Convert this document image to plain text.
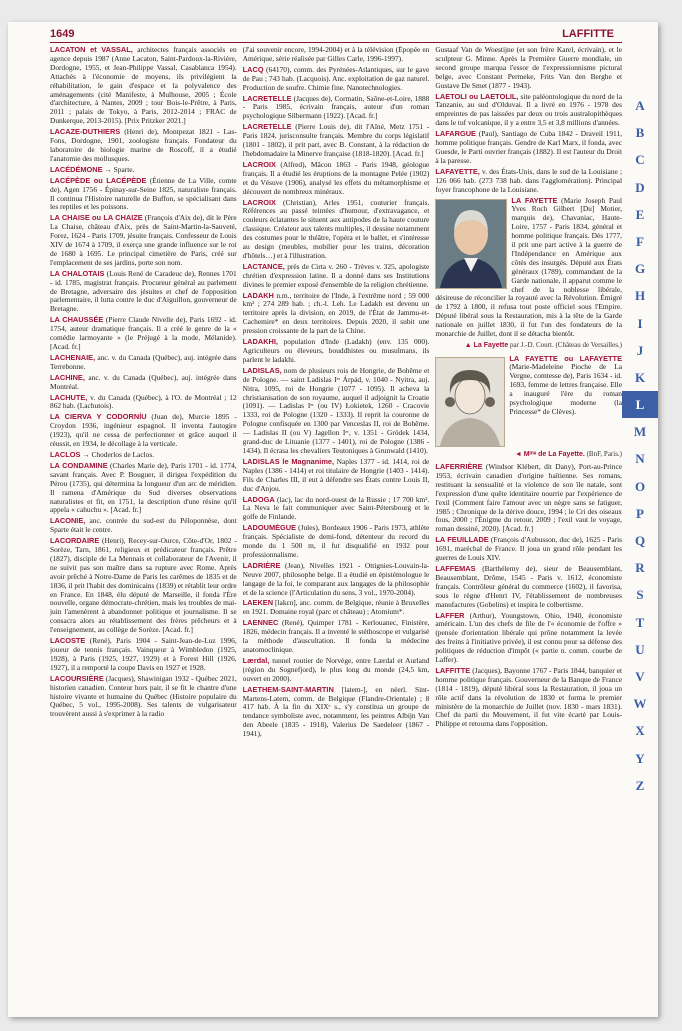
1649	LAFFITTE

LACATON et VASSAL, architectes français associés en agence depuis 1987 (Anne Lacaton, Saint-Pardoux-la-Rivière, Dordogne, 1955, et Jean-Philippe Vassal, Casablanca 1954). Attachés à l'économie de moyens, ils privilégient la réhabilitation, le gain d'espace et la polyvalence des aménagements (cité Manifeste, à Mulhouse, 2005 ; École d'architecture, à Nantes, 2009 ; tour Bois-le-Prêtre, à Paris, 2011 ; palais de Tokyo, à Paris, 2012-2014 ; FRAC de Dunkerque, 2013-2015). [Prix Pritzker 2021.]

LACAZE-DUTHIERS (Henri de), Montpezat 1821 - Las-Fons, Dordogne, 1901, zoologiste français. Fondateur du laboratoire de biologie marine de Roscoff, il a étudié l'anatomie des mollusques.

LACÉDÉMONE → Sparte.

LACÉPÈDE ou LACÉPÈDE (Étienne de La Ville, comte de), Agen 1756 - Épinay-sur-Seine 1825, naturaliste français. Il continua l'Histoire naturelle de Buffon, se spécialisant dans les reptiles et les poissons.

LA CHAISE ou LA CHAIZE (François d'Aix de), dit le Père La Chaise, château d'Aix, près de Saint-Martin-la-Sauveté, Forez, 1624 - Paris 1709, jésuite français. Confesseur de Louis XIV de 1674 à 1709, il exerça une grande influence sur le roi de 1680 à 1695. Le principal cimetière de Paris, créé sur l'emplacement de ses jardins, porte son nom.

LA CHALOTAIS (Louis René de Caradeuc de), Rennes 1701 - id. 1785, magistrat français. Procureur général au parlement de Bretagne, adversaire des jésuites et chef de l'opposition parlementaire, il lutta contre le duc d'Aiguillon, gouverneur de Bretagne.

LA CHAUSSÉE (Pierre Claude Nivelle de), Paris 1692 - id. 1754, auteur dramatique français. Il a créé le genre de la « comédie larmoyante » (le Préjugé à la mode, Mélanide). [Acad. fr.]

LACHENAIE, anc. v. du Canada (Québec), auj. intégrée dans Terrebonne.

LACHINE, anc. v. du Canada (Québec), auj. intégrée dans Montréal.

LACHUTE, v. du Canada (Québec), à l'O. de Montréal ; 12 862 hab. (Lachutois).

LA CIERVA Y CODORNÍU (Juan de), Murcie 1895 - Croydon 1936, ingénieur espagnol. Il inventa l'autogire (1923), qu'il ne cessa de perfectionner et grâce auquel il réussit, en 1934, le décollage à la verticale.

LACLOS → Choderlos de Laclos.

LA CONDAMINE (Charles Marie de), Paris 1701 - id. 1774, savant français. Avec P. Bouguer, il dirigea l'expédition du Pérou (1735), qui détermina la longueur d'un arc de méridien. Il ramena d'Amérique du Sud diverses observations naturalistes et fit, en 1751, la description d'une résine qu'il appela « cahuchu ». [Acad. fr.]

LACONIE, anc. contrée du sud-est du Péloponnèse, dont Sparte était le centre.

LACORDAIRE (Henri), Recey-sur-Ource, Côte-d'Or, 1802 - Sorèze, Tarn, 1861, religieux et prédicateur français. Prêtre (1827), disciple de La Mennais et collaborateur de l'Avenir, il ne suivit pas son maître dans sa rupture avec Rome. Après avoir prêché à Notre-Dame de Paris les carêmes de 1835 et de 1836, il prit l'habit des dominicains (1839) et rétablit leur ordre en France. En 1848, élu député de Marseille, il fonda l'Ère nouvelle, organe démocrate-chrétien, mais les troubles de mai-juin l'amenèrent à abandonner politique et journalisme. Il se consacra alors au rétablissement des frères prêcheurs et à l'enseignement, au collège de Sorèze. [Acad. fr.]

LACOSTE (René), Paris 1904 - Saint-Jean-de-Luz 1996, joueur de tennis français. Vainqueur à Wimbledon (1925, 1928), à Paris (1925, 1927, 1929) et à Forest Hill (1926, 1927), il a remporté la coupe Davis en 1927 et 1928.

LACOURSIÈRE (Jacques), Shawinigan 1932 - Québec 2021, historien canadien. Conteur hors pair, il se fit le chantre d'une histoire vivante et humaine du Québec (Histoire populaire du Québec, 5 vol., 1995-2008). Ses talents de vulgarisateur trouvèrent aussi à s'exprimer à la radio

(J'ai souvenir encore, 1994-2004) et à la télévision (Épopée en Amérique, série réalisée par Gilles Carle, 1996-1997).

LACQ (64170), comm. des Pyrénées-Atlantiques, sur le gave de Pau ; 743 hab. (Lacquois). Anc. exploitation de gaz naturel. Production de soufre. Chimie fine. Nanotechnologies.

LACRETELLE (Jacques de), Cormatin, Saône-et-Loire, 1888 - Paris 1985, écrivain français, auteur d'un roman psychologique Silbermann (1922). [Acad. fr.]

LACRETELLE (Pierre Louis de), dit l'Aîné, Metz 1751 - Paris 1824, jurisconsulte français. Membre du corps législatif (1801 - 1802), il prit part, avec B. Constant, à la rédaction de l'hebdomadaire la Minerve française (1818-1820). [Acad. fr.]

LACROIX (Alfred), Mâcon 1863 - Paris 1948, géologue français. Il a étudié les éruptions de la montagne Pelée (1902) et du Vésuve (1906), analysé les effets du métamorphisme et découvert de nombreux minéraux.

LACROIX (Christian), Arles 1951, couturier français. Références au passé teintées d'humour, d'extravagance, et couleurs éclatantes le situent aux antipodes de la haute couture classique. Créateur aux talents multiples, il dessine notamment des costumes pour le théâtre, l'opéra et le ballet, et s'intéresse au design (meubles, mobilier pour les trains, décoration d'hôtels…) et à l'illustration.

LACTANCE, près de Cirta v. 260 - Trèves v. 325, apologiste chrétien d'expression latine. Il a donné dans ses Institutions divines le premier exposé d'ensemble de la religion chrétienne.

LADAKH n.m., territoire de l'Inde, à l'extrême nord ; 59 000 km² ; 274 289 hab. ; ch.-l. Leh. Le Ladakh est devenu un territoire après la division, en 2019, de l'État de Jammu-et-Cachemire* en deux territoires. Depuis 2020, il subit une pression croissante de la part de la Chine.

LADAKHI, population d'Inde (Ladakh) (env. 135 000). Agriculteurs ou éleveurs, bouddhistes ou musulmans, ils parlent le ladakhi.

LADISLAS, nom de plusieurs rois de Hongrie, de Bohême et de Pologne. — saint Ladislas Iᵉʳ Árpád, v. 1040 - Nyitra, auj. Nitra, 1095, roi de Hongrie (1077 - 1095). Il acheva la christianisation de son royaume, auquel il adjoignit la Croatie (1091). — Ladislas Iᵉʳ (ou IV) Łokietek, 1260 - Cracovie 1333, roi de Pologne (1320 - 1333). Il reprit la couronne de Pologne confisquée en 1300 par Venceslas II, roi de Bohême. — Ladislas II (ou V) Jagellon Iᵉʳ, v. 1351 - Gródek 1434, grand-duc de Lituanie (1377 - 1401), roi de Pologne (1386 - 1434). Il écrasa les chevaliers Teutoniques à Grunwald (1410).

LADISLAS le Magnanime, Naples 1377 - id. 1414, roi de Naples (1386 - 1414) et roi titulaire de Hongrie (1403 - 1414). Fils de Charles III, il eut à défendre ses États contre Louis II, duc d'Anjou.

LADOGA (lac), lac du nord-ouest de la Russie ; 17 700 km². La Neva le fait communiquer avec Saint-Pétersbourg et le golfe de Finlande.

LADOUMÈGUE (Jules), Bordeaux 1906 - Paris 1973, athlète français. Spécialiste de demi-fond, détenteur du record du monde du 1 500 m, il fut disqualifié en 1932 pour professionnalisme.

LADRIÈRE (Jean), Nivelles 1921 - Ottignies-Louvain-la-Neuve 2007, philosophe belge. Il a étudié en épistémologue le langage de la foi, le comparant aux langages de la philosophie et de la science (l'Articulation du sens, 3 vol., 1970-2004).

LAEKEN [lakɛn], anc. comm. de Belgique, réunie à Bruxelles en 1921. Domaine royal (parc et château) ; Atomium*.

LAENNEC (René), Quimper 1781 - Kerlouanec, Finistère, 1826, médecin français. Il a inventé le stéthoscope et vulgarisé la méthode d'auscultation. Il fonda la médecine anatomoclinique.

Lærdal, tunnel routier de Norvège, entre Lærdal et Aurland (région du Sognefjord), le plus long du monde (24,5 km, ouvert en 2000).

LAETHEM-SAINT-MARTIN [latem-], en néerl. Sint-Martens-Latem, comm. de Belgique (Flandre-Orientale) ; 8 417 hab. À la fin du XIXᵉ s., s'y constitua un groupe de tendance symboliste avec, notamment, les peintres Albijn Van den Abeele (1835 - 1918), Valerius De Saedeleer (1867 - 1941),

Gustaaf Van de Woestijne (et son frère Karel, écrivain), et le sculpteur G. Minne. Après la Première Guerre mondiale, un second groupe marqua l'essor de l'expressionnisme pictural belge, avec Constant Permeke, Frits Van den Berghe et Gustave De Smet (1877 - 1943).

LAETOLI ou LAETOLIL, site paléontologique du nord de la Tanzanie, au sud d'Olduvai. Il a livré en 1976 - 1978 des empreintes de pas laissées par deux ou trois australopithèques dans le tuf volcanique, il y a entre 3,5 et 3,8 millions d'années.

LAFARGUE (Paul), Santiago de Cuba 1842 - Draveil 1911, homme politique français. Gendre de Karl Marx, il fonda, avec Guesde, le Parti ouvrier français (1882). Il est l'auteur du Droit à la paresse.

LAFAYETTE, v. des États-Unis, dans le sud de la Louisiane ; 126 066 hab. (273 738 hab. dans l'agglomération). Principal foyer francophone de la Louisiane.

LA FAYETTE (Marie Joseph Paul Yves Roch Gilbert [Du] Motier, marquis de), Chavaniac, Haute-Loire, 1757 - Paris 1834, général et homme politique français. Dès 1777, il prit une part active à la guerre de l'Indépendance en Amérique aux côtés des insurgés. Député aux États généraux (1789), commandant de la Garde nationale, il apparut comme le chef de la noblesse libérale, désireuse de réconcilier la royauté avec la Révolution. Émigré de 1792 à 1800, il refusa tout poste officiel sous l'Empire. Député libéral sous la Restauration, mis à la tête de la Garde nationale en juillet 1830, il fut l'un des fondateurs de la monarchie de Juillet, dont il se détacha bientôt.

▲ La Fayette par J.-D. Court. (Château de Versailles.)

LA FAYETTE ou LAFAYETTE (Marie-Madeleine Pioche de La Vergne, comtesse de), Paris 1634 - id. 1693, femme de lettres française. Elle a inauguré l'ère du roman psychologique moderne (la Princesse* de Clèves).

◄ Mᵐᵉ de La Fayette. (BnF, Paris.)

LAFERRIÈRE (Windsor Klébert, dit Dany), Port-au-Prince 1953, écrivain canadien d'origine haïtienne. Ses romans, restituant la sensualité et la violence de son île natale, sont l'expression d'une quête identitaire nourrie par l'expérience de l'exil (Comment faire l'amour avec un nègre sans se fatiguer, 1985 ; Chronique de la dérive douce, 1994 ; le Cri des oiseaux fous, 2000 ; l'Énigme du retour, 2009 ; l'exil vaut le voyage, roman dessiné, 2020). [Acad. fr.]

LA FEUILLADE (François d'Aubusson, duc de), 1625 - Paris 1691, maréchal de France. Il joua un grand rôle pendant les guerres de Louis XIV.

LAFFEMAS (Barthélemy de), sieur de Beausemblant, Beausemblant, Drôme, 1545 - Paris v. 1612, économiste français. Contrôleur général du commerce (1602), il favorisa, sous le règne d'Henri IV, l'établissement de nombreuses manufactures (Gobelins) et inspira le colbertisme.

LAFFER (Arthur), Youngstown, Ohio, 1940, économiste américain. L'un des chefs de file de l'« économie de l'offre » (pensée d'orientation libérale qui prône notamment la levée des freins à l'initiative privée), il est connu pour sa défense des politiques de réduction d'impôt (« partie n. comm. courbe de Laffer).

LAFFITTE (Jacques), Bayonne 1767 - Paris 1844, banquier et homme politique français. Gouverneur de la Banque de France (1814 - 1819), député libéral sous la Restauration, il joua un rôle actif dans la révolution de 1830 et forma le premier ministère de la monarchie de Juillet (nov. 1830 - mars 1831). Chef du parti du Mouvement, il fut vite écarté par Louis-Philippe et retourna dans l'opposition.

A
B
C
D
E
F
G
H
I
J
K
L
M
N
O
P
Q
R
S
T
U
V
W
X
Y
Z
